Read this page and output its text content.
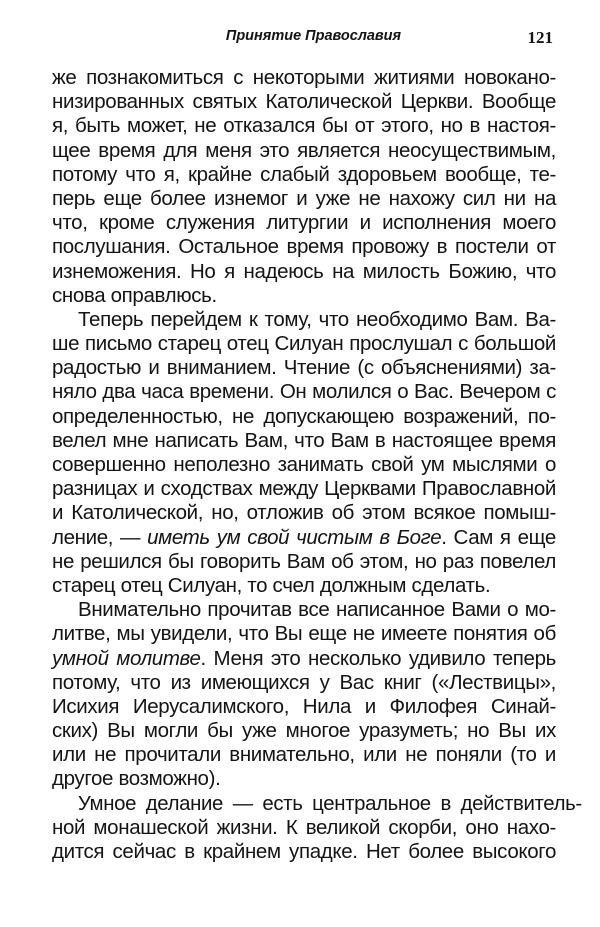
Принятие Православия	121
же познакомиться с некоторыми житиями новокано-
низированных святых Католической Церкви. Вообще
я, быть может, не отказался бы от этого, но в настоя-
щее время для меня это является неосуществимым,
потому что я, крайне слабый здоровьем вообще, те-
перь еще более изнемог и уже не нахожу сил ни на
что, кроме служения литургии и исполнения моего
послушания. Остальное время провожу в постели от
изнеможения. Но я надеюсь на милость Божию, что
снова оправлюсь.
Теперь перейдем к тому, что необходимо Вам. Ва-
ше письмо старец отец Силуан прослушал с большой
радостью и вниманием. Чтение (с объяснениями) за-
няло два часа времени. Он молился о Вас. Вечером с
определенностью, не допускающею возражений, по-
велел мне написать Вам, что Вам в настоящее время
совершенно неполезно занимать свой ум мыслями о
разницах и сходствах между Церквами Православной
и Католической, но, отложив об этом всякое помыш-
ление, — иметь ум свой чистым в Боге. Сам я еще
не решился бы говорить Вам об этом, но раз повелел
старец отец Силуан, то счел должным сделать.
Внимательно прочитав все написанное Вами о мо-
литве, мы увидели, что Вы еще не имеете понятия об
умной молитве. Меня это несколько удивило теперь
потому, что из имеющихся у Вас книг («Лествицы»,
Исихия Иерусалимского, Нила и Филофея Синай-
ских) Вы могли бы уже многое уразуметь; но Вы их
или не прочитали внимательно, или не поняли (то и
другое возможно).
Умное делание — есть центральное в действитель-
ной монашеской жизни. К великой скорби, оно нахо-
дится сейчас в крайнем упадке. Нет более высокого
